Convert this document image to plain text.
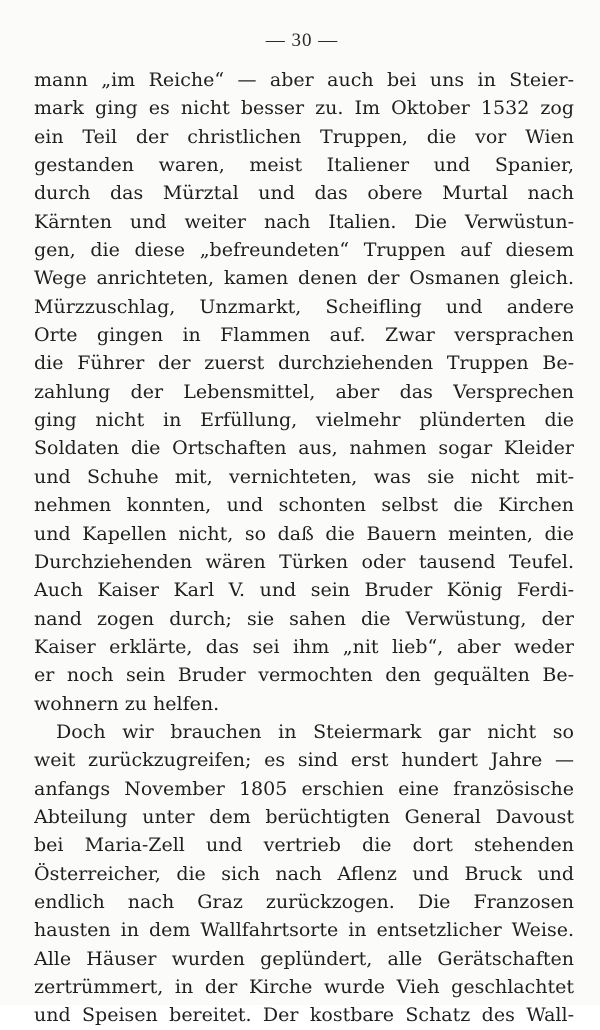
— 30 —
mann „im Reiche“ — aber auch bei uns in Steier-
mark ging es nicht besser zu. Im Oktober 1532 zog
ein Teil der christlichen Truppen, die vor Wien
gestanden waren, meist Italiener und Spanier,
durch das Mürztal und das obere Murtal nach
Kärnten und weiter nach Italien. Die Verwüstun-
gen, die diese „befreundeten“ Truppen auf diesem
Wege anrichteten, kamen denen der Osmanen gleich.
Mürzzuschlag, Unzmarkt, Scheifling und andere
Orte gingen in Flammen auf. Zwar versprachen
die Führer der zuerst durchziehenden Truppen Be-
zahlung der Lebensmittel, aber das Versprechen
ging nicht in Erfüllung, vielmehr plünderten die
Soldaten die Ortschaften aus, nahmen sogar Kleider
und Schuhe mit, vernichteten, was sie nicht mit-
nehmen konnten, und schonten selbst die Kirchen
und Kapellen nicht, so daß die Bauern meinten, die
Durchziehenden wären Türken oder tausend Teufel.
Auch Kaiser Karl V. und sein Bruder König Ferdi-
nand zogen durch; sie sahen die Verwüstung, der
Kaiser erklärte, das sei ihm „nit lieb“, aber weder
er noch sein Bruder vermochten den gequälten Be-
wohnern zu helfen.
Doch wir brauchen in Steiermark gar nicht so
weit zurückzugreifen; es sind erst hundert Jahre —
anfangs November 1805 erschien eine französische
Abteilung unter dem berüchtigten General Davoust
bei Maria-Zell und vertrieb die dort stehenden
Österreicher, die sich nach Aflenz und Bruck und
endlich nach Graz zurückzogen. Die Franzosen
hausten in dem Wallfahrtsorte in entsetzlicher Weise.
Alle Häuser wurden geplündert, alle Gerätschaften
zertrümmert, in der Kirche wurde Vieh geschlachtet
und Speisen bereitet. Der kostbare Schatz des Wall-
